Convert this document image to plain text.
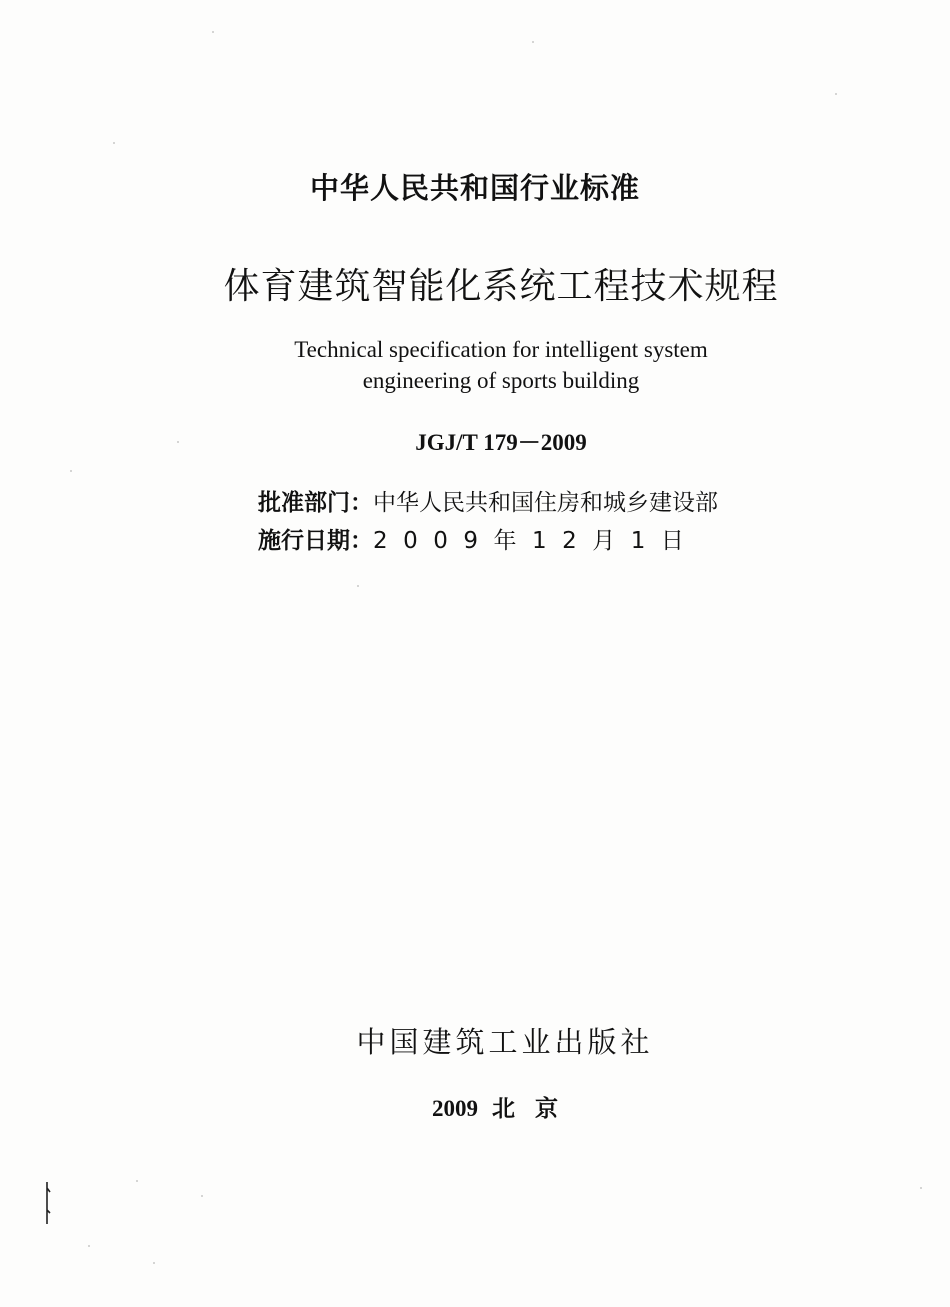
中华人民共和国行业标准
体育建筑智能化系统工程技术规程
Technical specification for intelligent system
engineering of sports building
JGJ/T 179－2009
批准部门：中华人民共和国住房和城乡建设部
施行日期：2009年12月1日
中国建筑工业出版社
2009 北京
